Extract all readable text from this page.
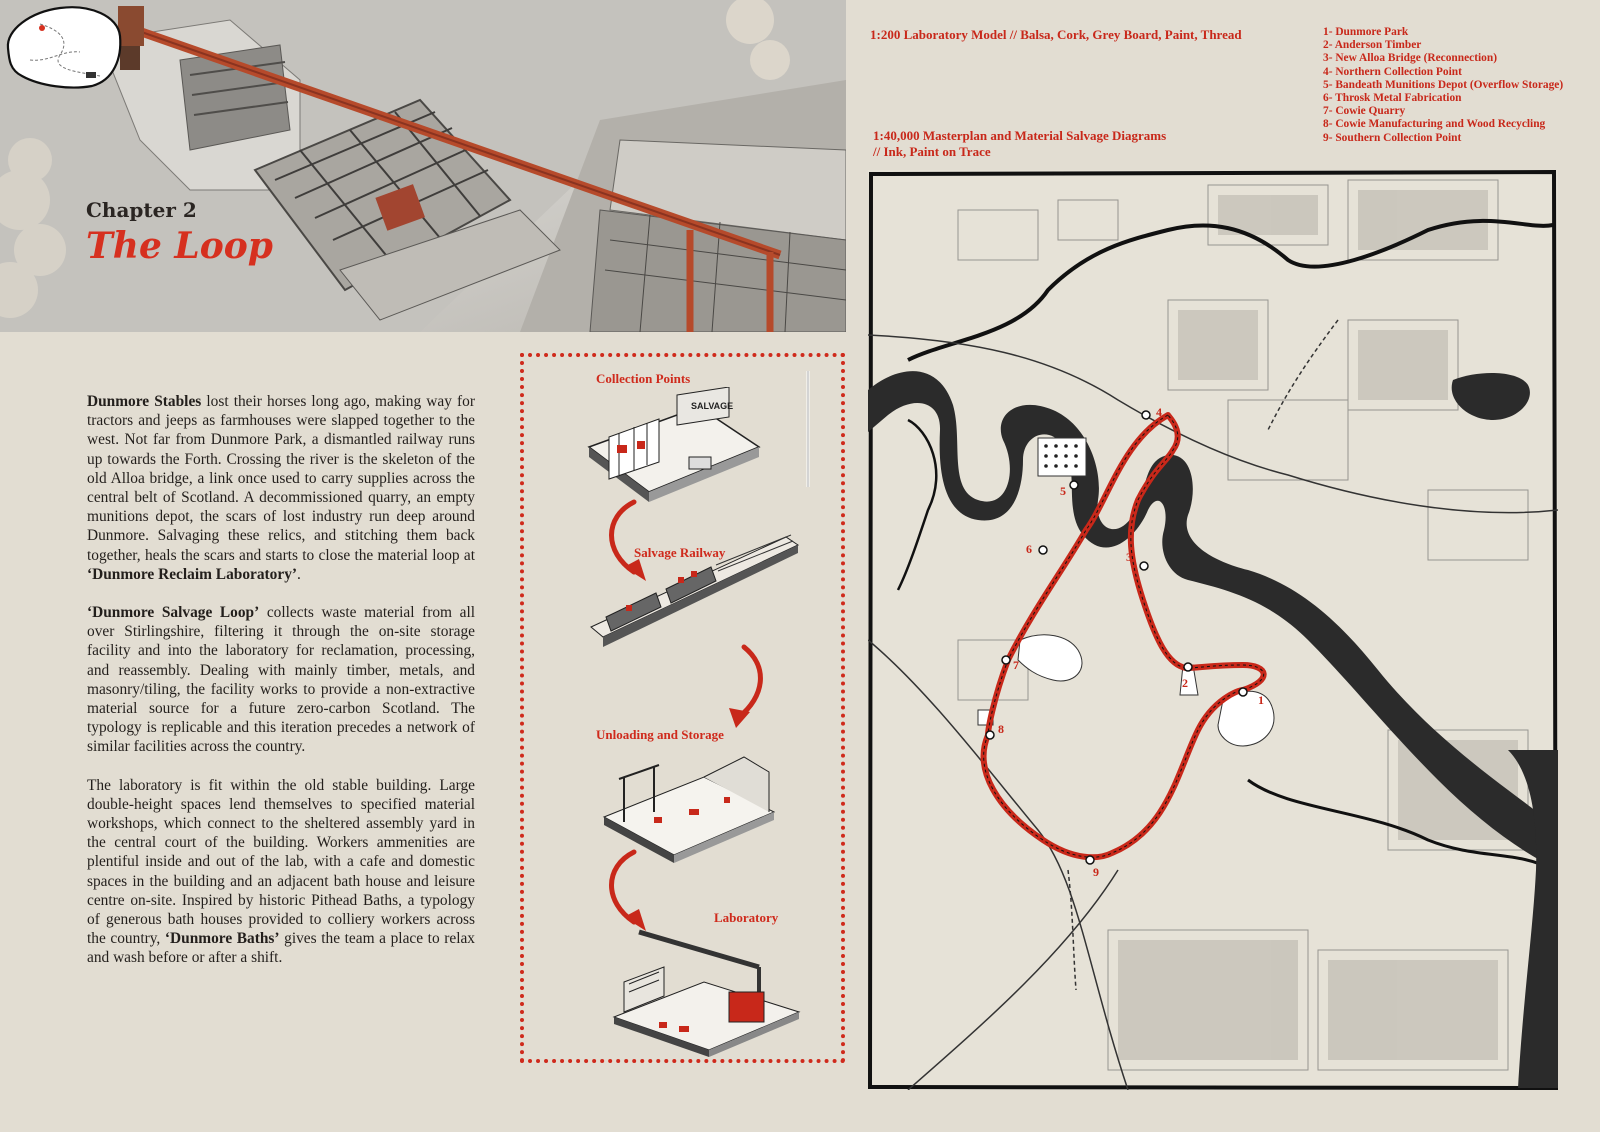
Chapter 2
The Loop

Dunmore Stables lost their horses long ago, making way for tractors and jeeps as farmhouses were slapped together to the west. Not far from Dunmore Park, a dismantled railway runs up towards the Forth. Crossing the river is the skeleton of the old Alloa bridge, a link once used to carry supplies across the central belt of Scotland. A decommissioned quarry, an empty munitions depot, the scars of lost industry run deep around Dunmore. Salvaging these relics, and stitching them back together, heals the scars and starts to close the material loop at ‘Dunmore Reclaim Laboratory’.

‘Dunmore Salvage Loop’ collects waste material from all over Stirlingshire, filtering it through the on-site storage facility and into the laboratory for reclamation, processing, and reassembly. Dealing with mainly timber, metals, and masonry/tiling, the facility works to provide a non-extractive material source for a future zero-carbon Scotland. The typology is replicable and this iteration precedes a network of similar facilities across the country.

The laboratory is fit within the old stable building. Large double-height spaces lend themselves to specified material workshops, which connect to the sheltered assembly yard in the central court of the building. Workers ammenities are plentiful inside and out of the lab, with a cafe and domestic spaces in the building and an adjacent bath house and leisure centre on-site. Inspired by historic Pithead Baths, a typology of generous bath houses provided to colliery workers across the country, ‘Dunmore Baths’ gives the team a place to relax and wash before or after a shift.

Collection Points
Salvage Railway
Unloading and Storage
Laboratory
SALVAGE
1:200 Laboratory Model // Balsa, Cork, Grey Board, Paint, Thread
1:40,000 Masterplan and Material Salvage Diagrams
// Ink, Paint on Trace
1- Dunmore Park
2- Anderson Timber
3- New Alloa Bridge (Reconnection)
4- Northern Collection Point
5- Bandeath Munitions Depot (Overflow Storage)
6- Throsk Metal Fabrication
7- Cowie Quarry
8- Cowie Manufacturing and Wood Recycling
9- Southern Collection Point
1
2
3
4
5
6
7
8
9
